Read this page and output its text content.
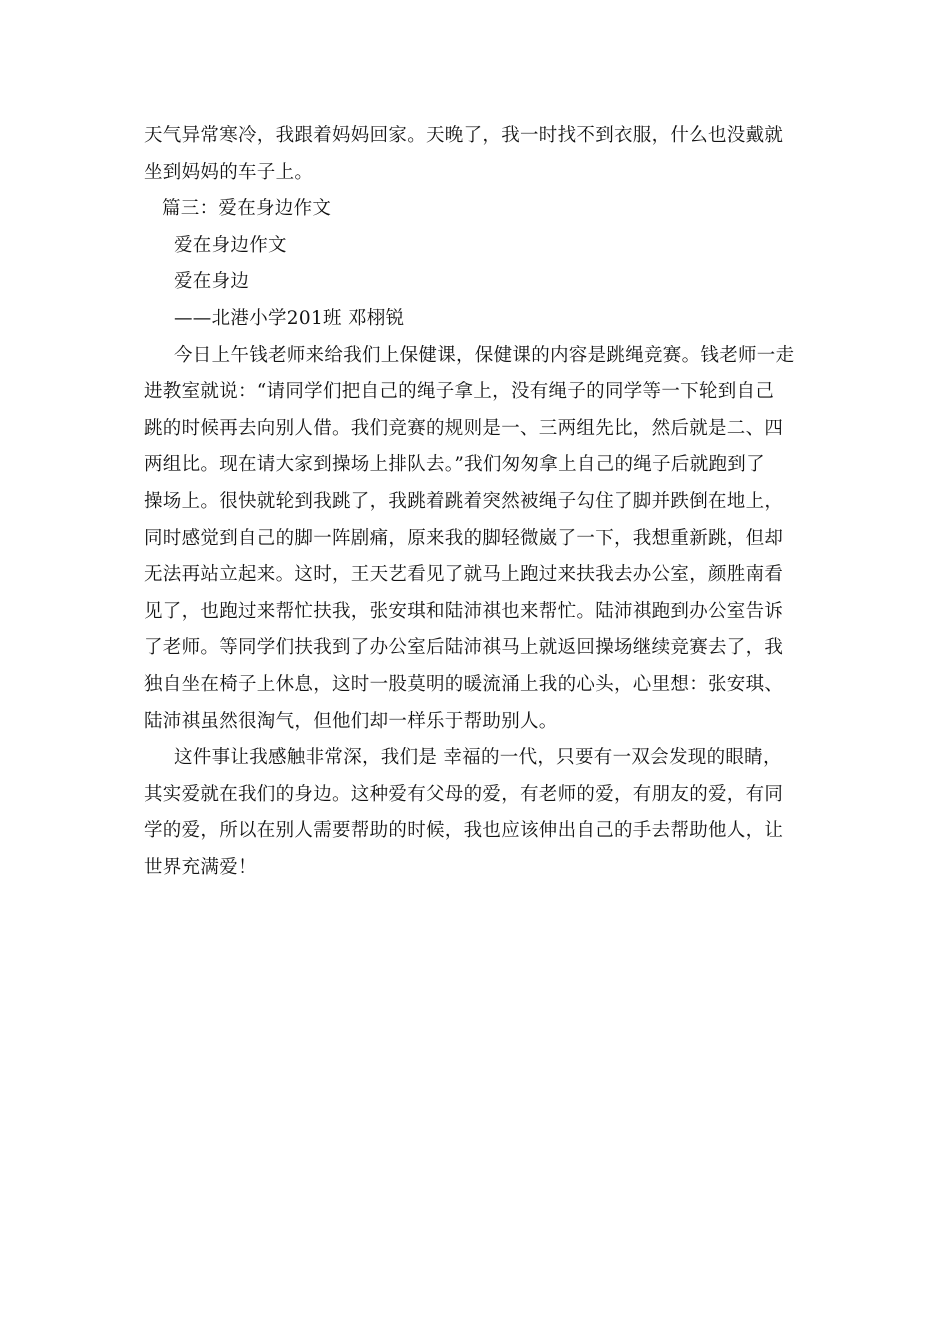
天气异常寒冷，我跟着妈妈回家。天晚了，我一时找不到衣服，什么也没戴就
坐到妈妈的车子上。
篇三：爱在身边作文
爱在身边作文
爱在身边
——北港小学201班 邓栩锐
今日上午钱老师来给我们上保健课，保健课的内容是跳绳竞赛。钱老师一走
进教室就说：“请同学们把自己的绳子拿上，没有绳子的同学等一下轮到自己
跳的时候再去向别人借。我们竞赛的规则是一、三两组先比，然后就是二、四
两组比。现在请大家到操场上排队去。”我们匆匆拿上自己的绳子后就跑到了
操场上。很快就轮到我跳了，我跳着跳着突然被绳子勾住了脚并跌倒在地上，
同时感觉到自己的脚一阵剧痛，原来我的脚轻微崴了一下，我想重新跳，但却
无法再站立起来。这时，王天艺看见了就马上跑过来扶我去办公室，颜胜南看
见了，也跑过来帮忙扶我，张安琪和陆沛祺也来帮忙。陆沛祺跑到办公室告诉
了老师。等同学们扶我到了办公室后陆沛祺马上就返回操场继续竞赛去了，我
独自坐在椅子上休息，这时一股莫明的暖流涌上我的心头，心里想：张安琪、
陆沛祺虽然很淘气，但他们却一样乐于帮助别人。
这件事让我感触非常深，我们是 幸福的一代，只要有一双会发现的眼睛，
其实爱就在我们的身边。这种爱有父母的爱，有老师的爱，有朋友的爱，有同
学的爱，所以在别人需要帮助的时候，我也应该伸出自己的手去帮助他人，让
世界充满爱！
